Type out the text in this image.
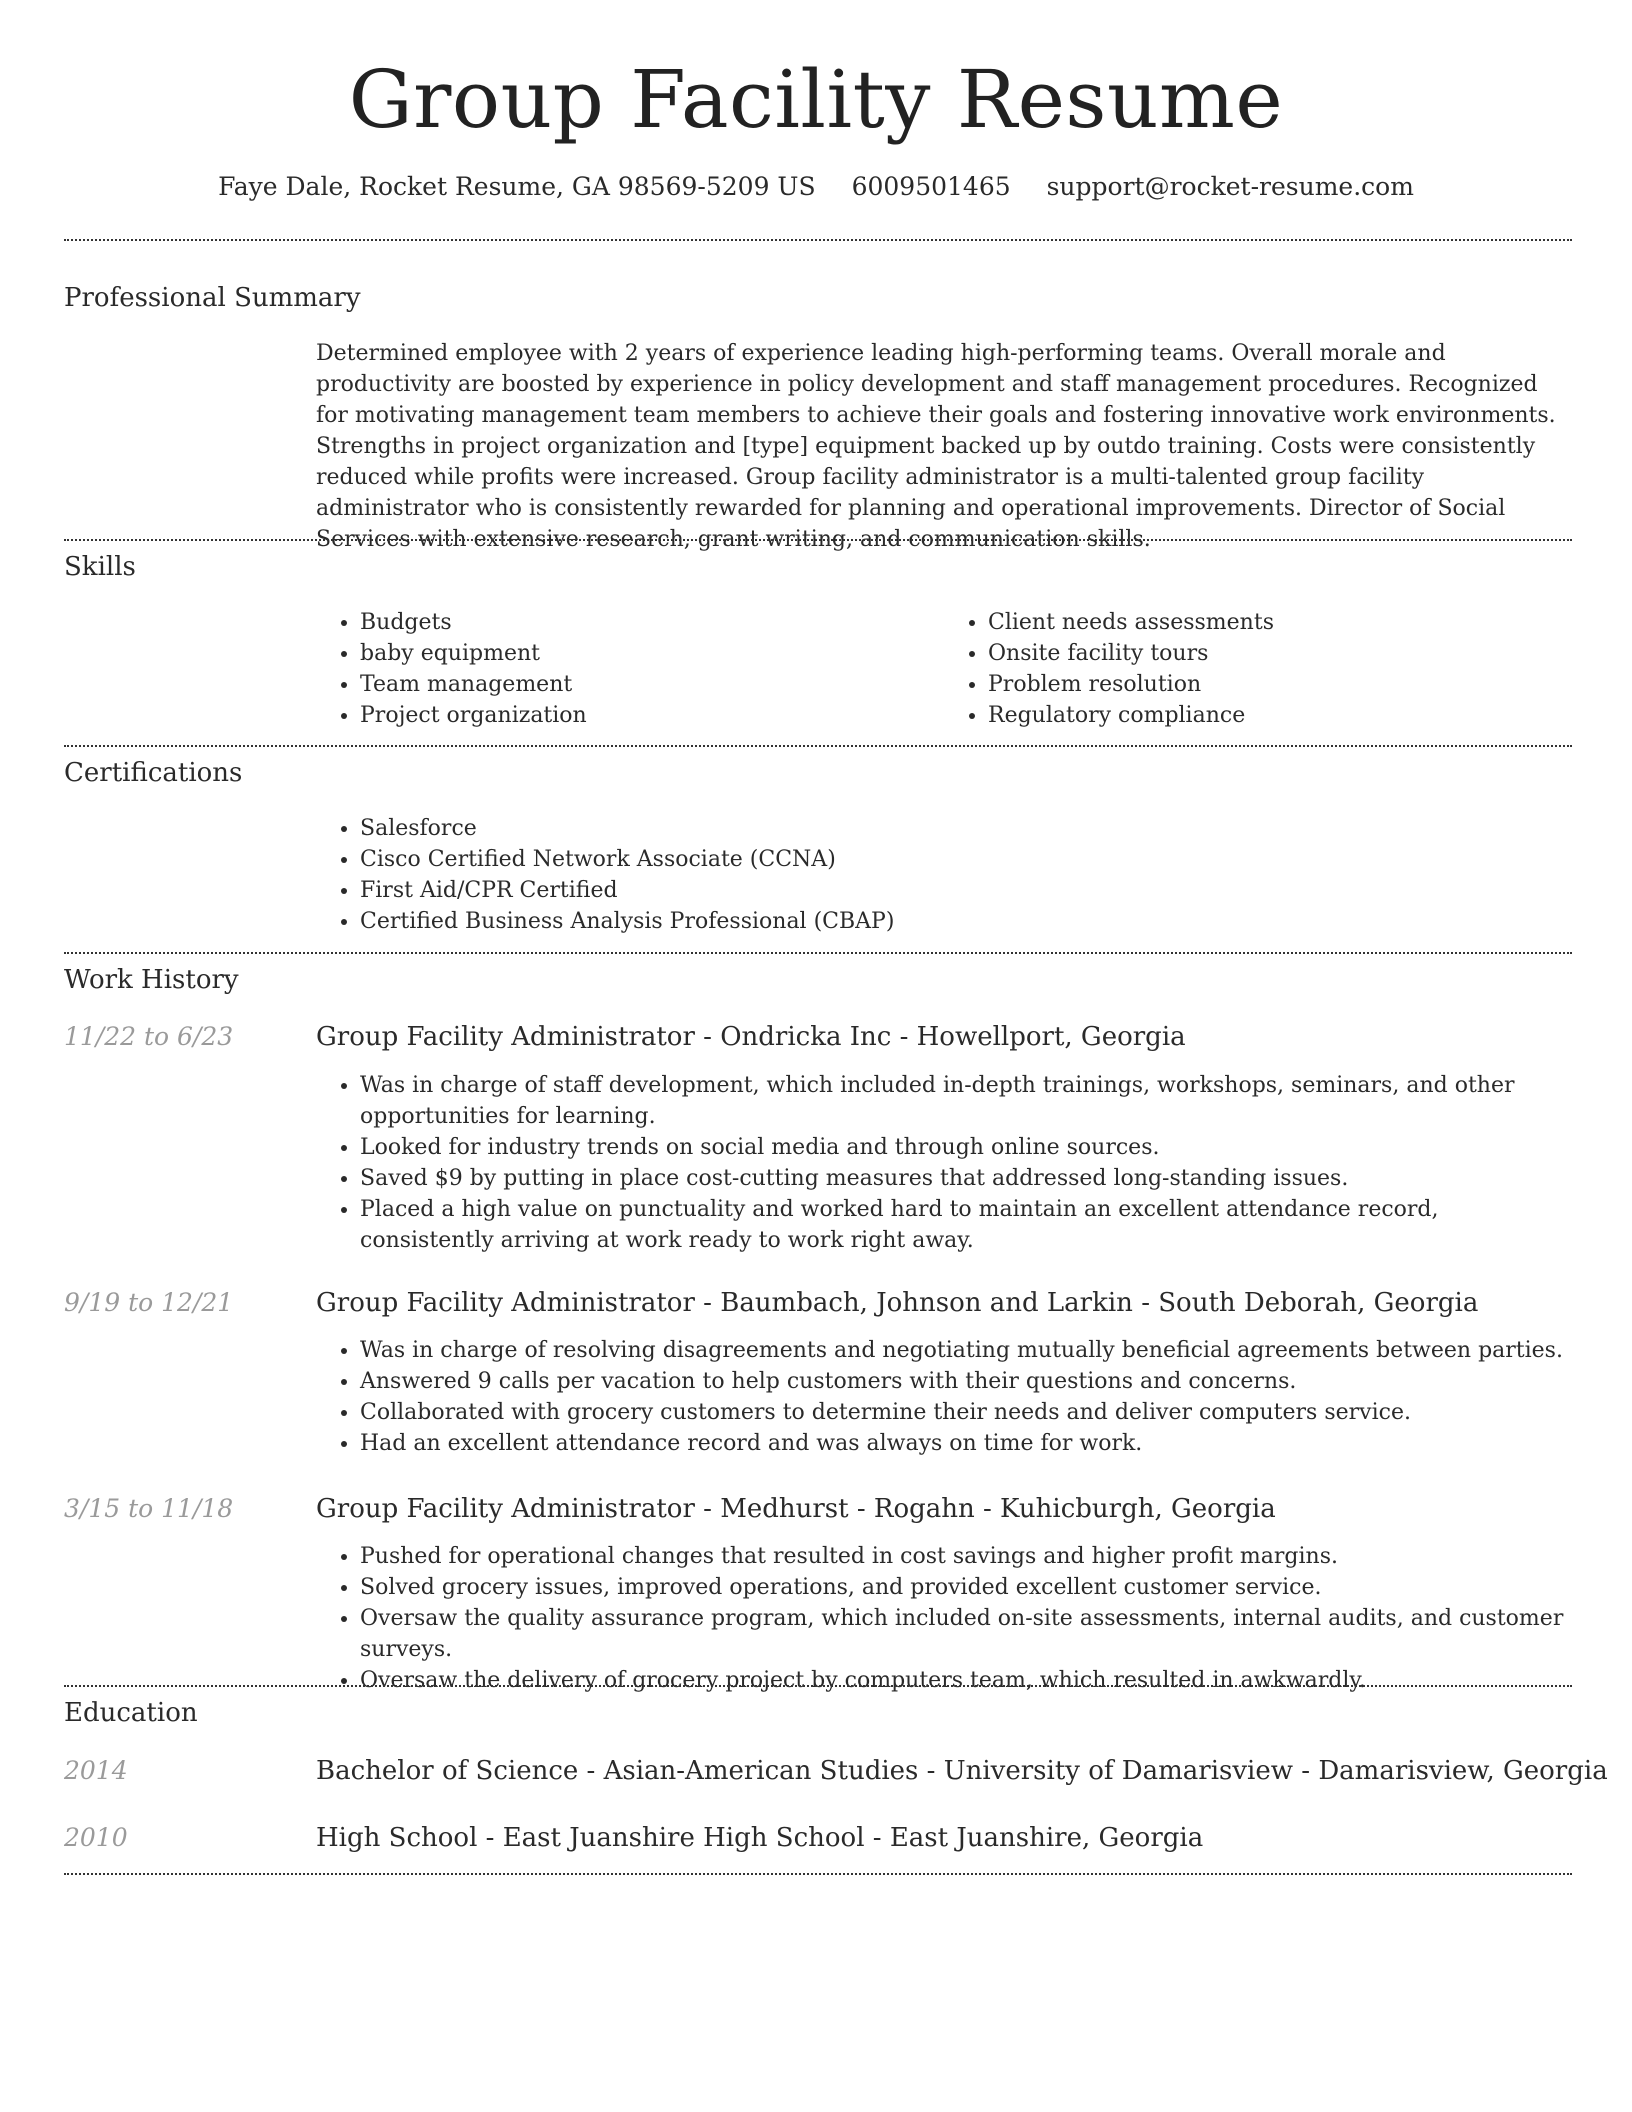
Group Facility Resume
Faye Dale, Rocket Resume, GA 98569-5209 US 6009501465 support@rocket-resume.com
Professional Summary

Determined employee with 2 years of experience leading high-performing teams. Overall morale and productivity are boosted by experience in policy development and staff management procedures. Recognized for motivating management team members to achieve their goals and fostering innovative work environments. Strengths in project organization and [type] equipment backed up by outdo training. Costs were consistently reduced while profits were increased. Group facility administrator is a multi-talented group facility administrator who is consistently rewarded for planning and operational improvements. Director of Social Services with extensive research, grant writing, and communication skills.

Skills
• Budgets
• baby equipment
• Team management
• Project organization
• Client needs assessments
• Onsite facility tours
• Problem resolution
• Regulatory compliance
Certifications
• Salesforce
• Cisco Certified Network Associate (CCNA)
• First Aid/CPR Certified
• Certified Business Analysis Professional (CBAP)
Work History
11/22 to 6/23	Group Facility Administrator - Ondricka Inc - Howellport, Georgia
• Was in charge of staff development, which included in-depth trainings, workshops, seminars, and other opportunities for learning.
• Looked for industry trends on social media and through online sources.
• Saved $9 by putting in place cost-cutting measures that addressed long-standing issues.
• Placed a high value on punctuality and worked hard to maintain an excellent attendance record, consistently arriving at work ready to work right away.
9/19 to 12/21	Group Facility Administrator - Baumbach, Johnson and Larkin - South Deborah, Georgia
• Was in charge of resolving disagreements and negotiating mutually beneficial agreements between parties.
• Answered 9 calls per vacation to help customers with their questions and concerns.
• Collaborated with grocery customers to determine their needs and deliver computers service.
• Had an excellent attendance record and was always on time for work.
3/15 to 11/18	Group Facility Administrator - Medhurst - Rogahn - Kuhicburgh, Georgia
• Pushed for operational changes that resulted in cost savings and higher profit margins.
• Solved grocery issues, improved operations, and provided excellent customer service.
• Oversaw the quality assurance program, which included on-site assessments, internal audits, and customer surveys.
• Oversaw the delivery of grocery project by computers team, which resulted in awkwardly.
Education
2014	Bachelor of Science - Asian-American Studies - University of Damarisview - Damarisview, Georgia
2010	High School - East Juanshire High School - East Juanshire, Georgia
